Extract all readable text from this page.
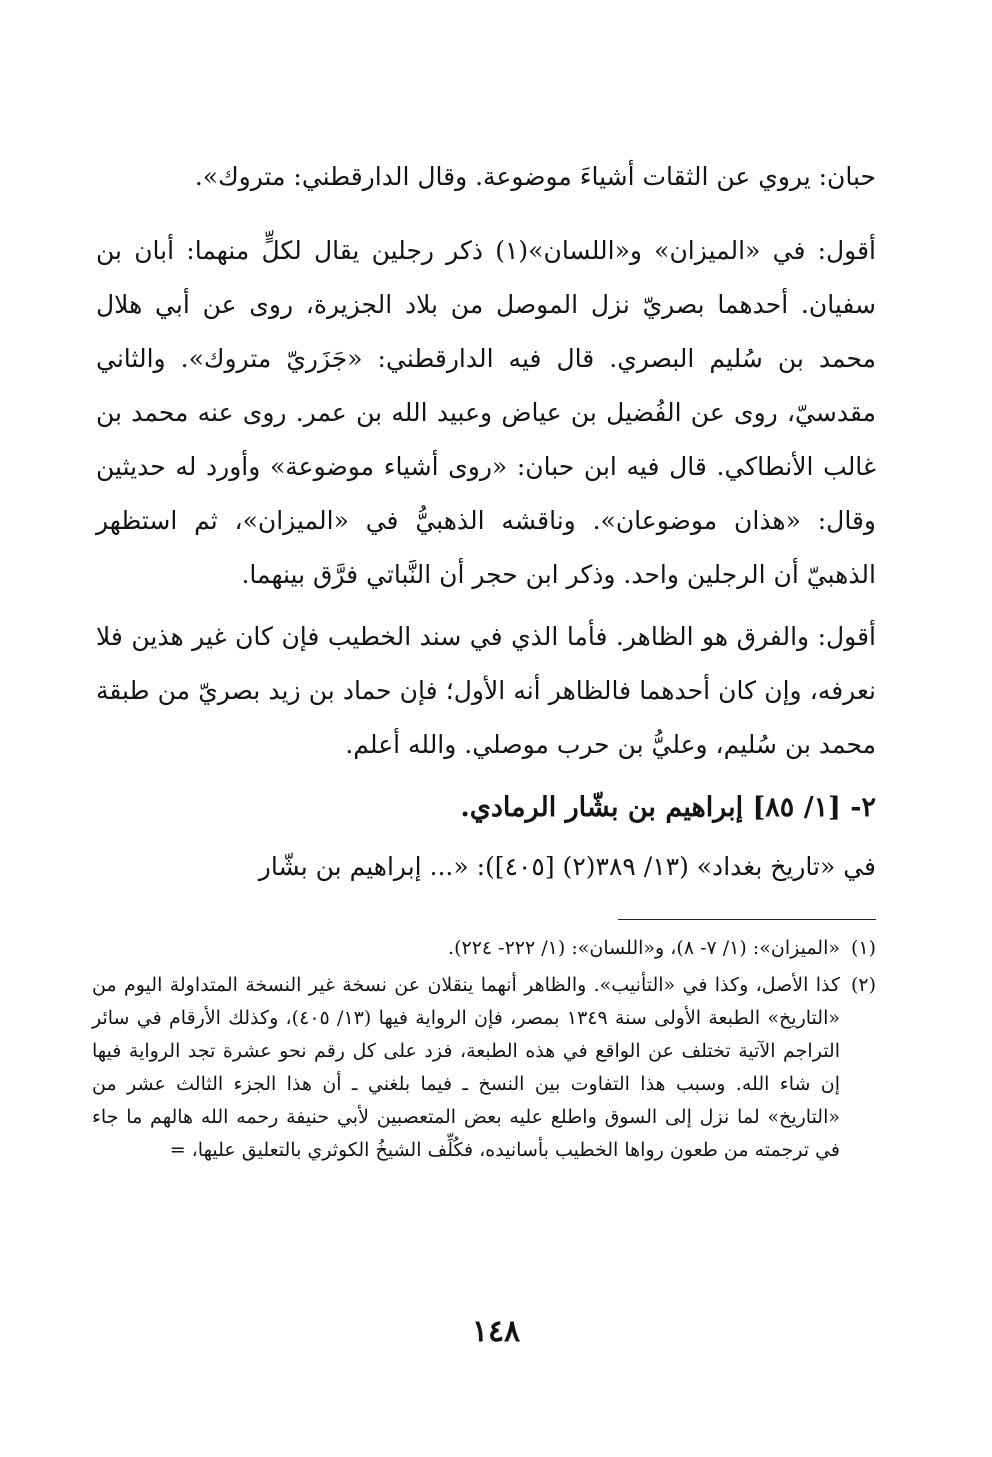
حبان: يروي عن الثقات أشياءَ موضوعة. وقال الدارقطني: متروك».

أقول: في «الميزان» و«اللسان»(١) ذكر رجلين يقال لكلٍّ منهما: أبان بن سفيان. أحدهما بصريّ نزل الموصل من بلاد الجزيرة، روى عن أبي هلال محمد بن سُليم البصري. قال فيه الدارقطني: «جَزَريّ متروك». والثاني مقدسيّ، روى عن الفُضيل بن عياض وعبيد الله بن عمر. روى عنه محمد بن غالب الأنطاكي. قال فيه ابن حبان: «روى أشياء موضوعة» وأورد له حديثين وقال: «هذان موضوعان». وناقشه الذهبيُّ في «الميزان»، ثم استظهر الذهبيّ أن الرجلين واحد. وذكر ابن حجر أن النَّباتي فرَّق بينهما.

أقول: والفرق هو الظاهر. فأما الذي في سند الخطيب فإن كان غير هذين فلا نعرفه، وإن كان أحدهما فالظاهر أنه الأول؛ فإن حماد بن زيد بصريّ من طبقة محمد بن سُليم، وعليُّ بن حرب موصلي. والله أعلم.

٢- [١/ ٨٥] إبراهيم بن بشّار الرمادي.

في «تاريخ بغداد» (١٣/ ٣٨٩(٢) [٤٠٥]): «... إبراهيم بن بشّار

(١)
«الميزان»: (١/ ٧- ٨)، و«اللسان»: (١/ ٢٢٢- ٢٢٤).
(٢)
كذا الأصل، وكذا في «التأنيب». والظاهر أنهما ينقلان عن نسخة غير النسخة المتداولة اليوم من «التاريخ» الطبعة الأولى سنة ١٣٤٩ بمصر، فإن الرواية فيها (١٣/ ٤٠٥)، وكذلك الأرقام في سائر التراجم الآتية تختلف عن الواقع في هذه الطبعة، فزد على كل رقم نحو عشرة تجد الرواية فيها إن شاء الله. وسبب هذا التفاوت بين النسخ ـ فيما بلغني ـ أن هذا الجزء الثالث عشر من «التاريخ» لما نزل إلى السوق واطلع عليه بعض المتعصبين لأبي حنيفة رحمه الله هالهم ما جاء في ترجمته من طعون رواها الخطيب بأسانيده، فكُلِّف الشيخُ الكوثري بالتعليق عليها، =
١٤٨
